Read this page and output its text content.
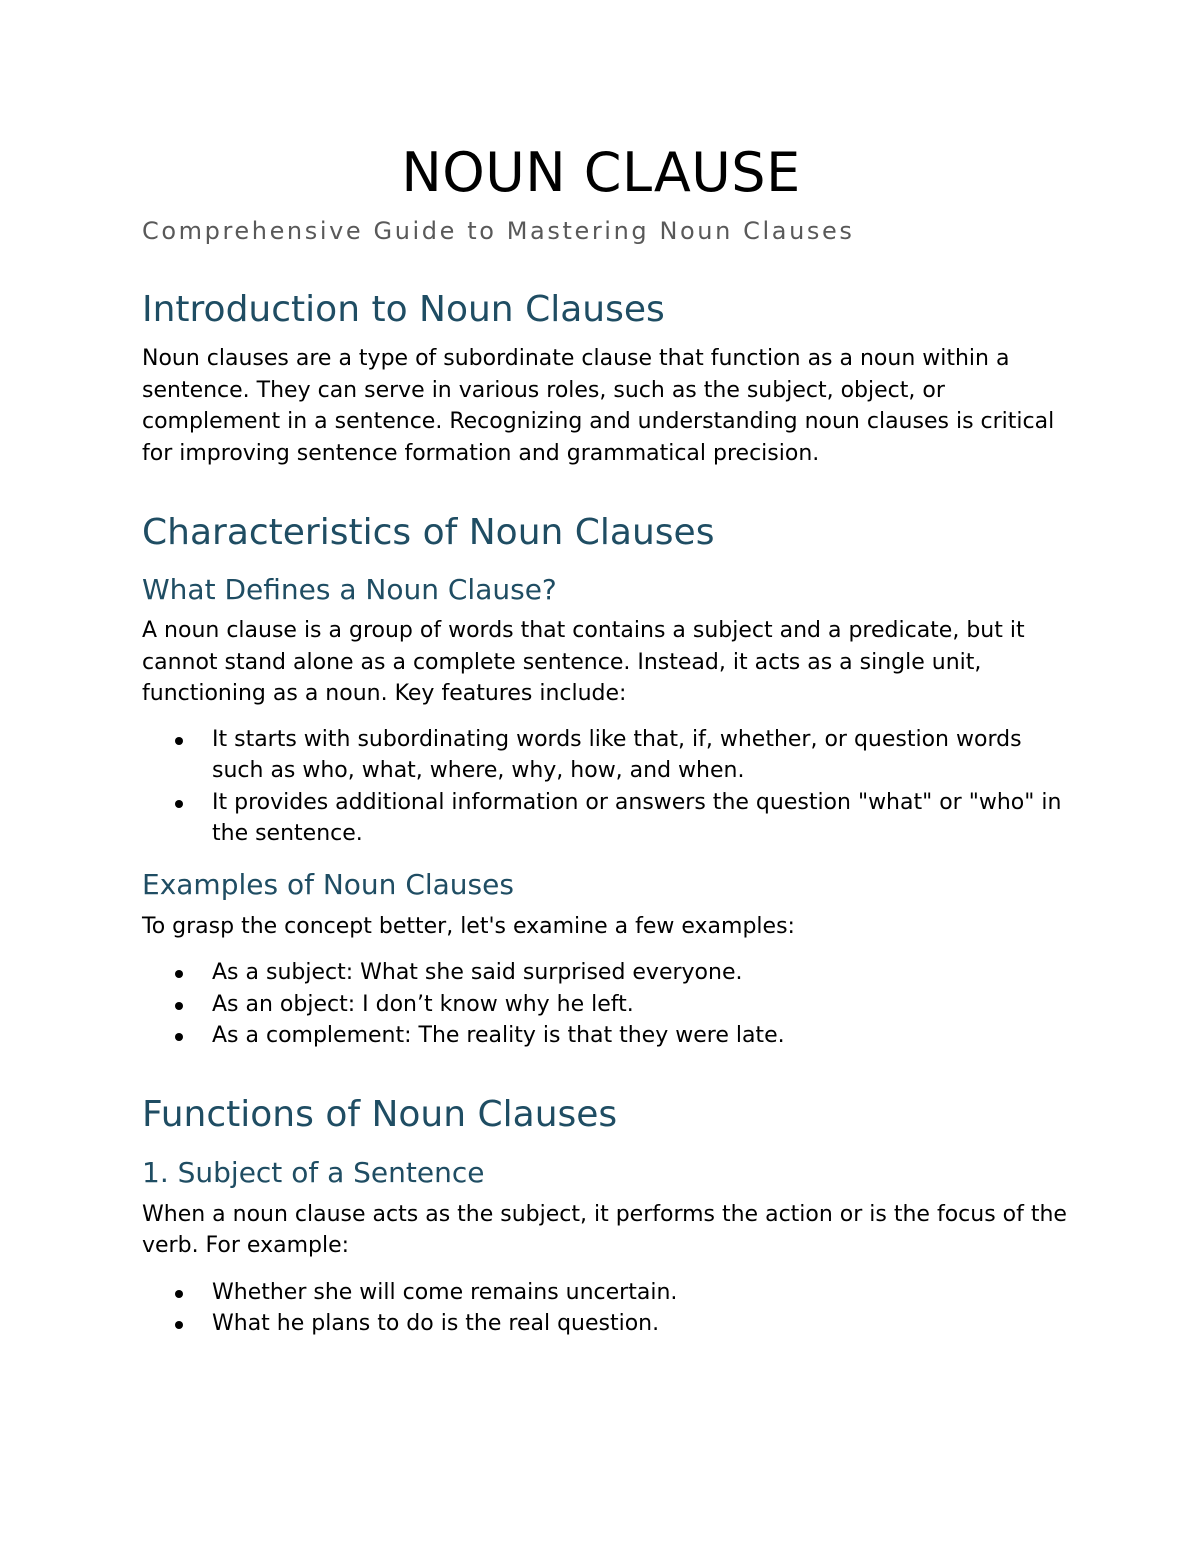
NOUN CLAUSE
Comprehensive Guide to Mastering Noun Clauses
Introduction to Noun Clauses

Noun clauses are a type of subordinate clause that function as a noun within a sentence. They can serve in various roles, such as the subject, object, or complement in a sentence. Recognizing and understanding noun clauses is critical for improving sentence formation and grammatical precision.

Characteristics of Noun Clauses
What Defines a Noun Clause?

A noun clause is a group of words that contains a subject and a predicate, but it cannot stand alone as a complete sentence. Instead, it acts as a single unit, functioning as a noun. Key features include:

It starts with subordinating words like that, if, whether, or question words such as who, what, where, why, how, and when.
It provides additional information or answers the question "what" or "who" in the sentence.
Examples of Noun Clauses

To grasp the concept better, let's examine a few examples:

As a subject: What she said surprised everyone.
As an object: I don’t know why he left.
As a complement: The reality is that they were late.
Functions of Noun Clauses
1. Subject of a Sentence

When a noun clause acts as the subject, it performs the action or is the focus of the verb. For example:

Whether she will come remains uncertain.
What he plans to do is the real question.
